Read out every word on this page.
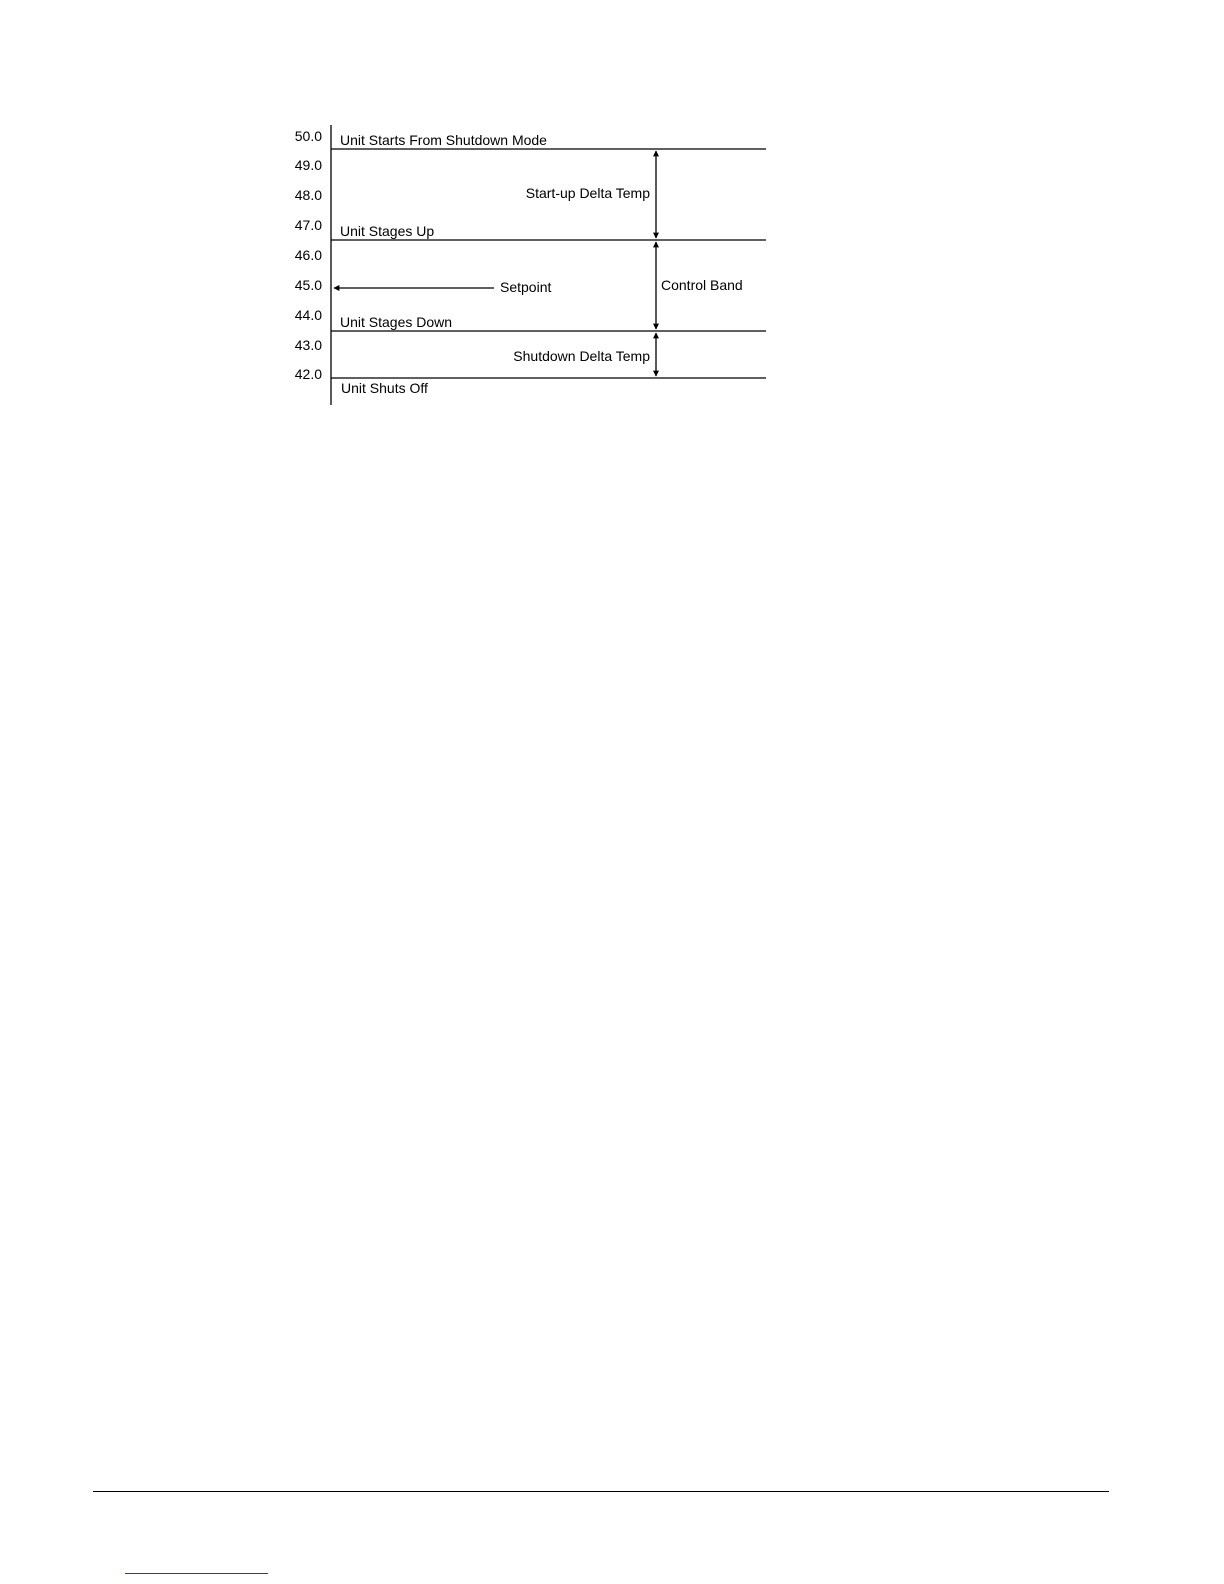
50.0
49.0
48.0
47.0
46.0
45.0
44.0
43.0
42.0
Unit Starts From Shutdown Mode
Unit Stages Up
Unit Stages Down
Unit Shuts Off
Setpoint
Start-up Delta Temp
Control Band
Shutdown Delta Temp
